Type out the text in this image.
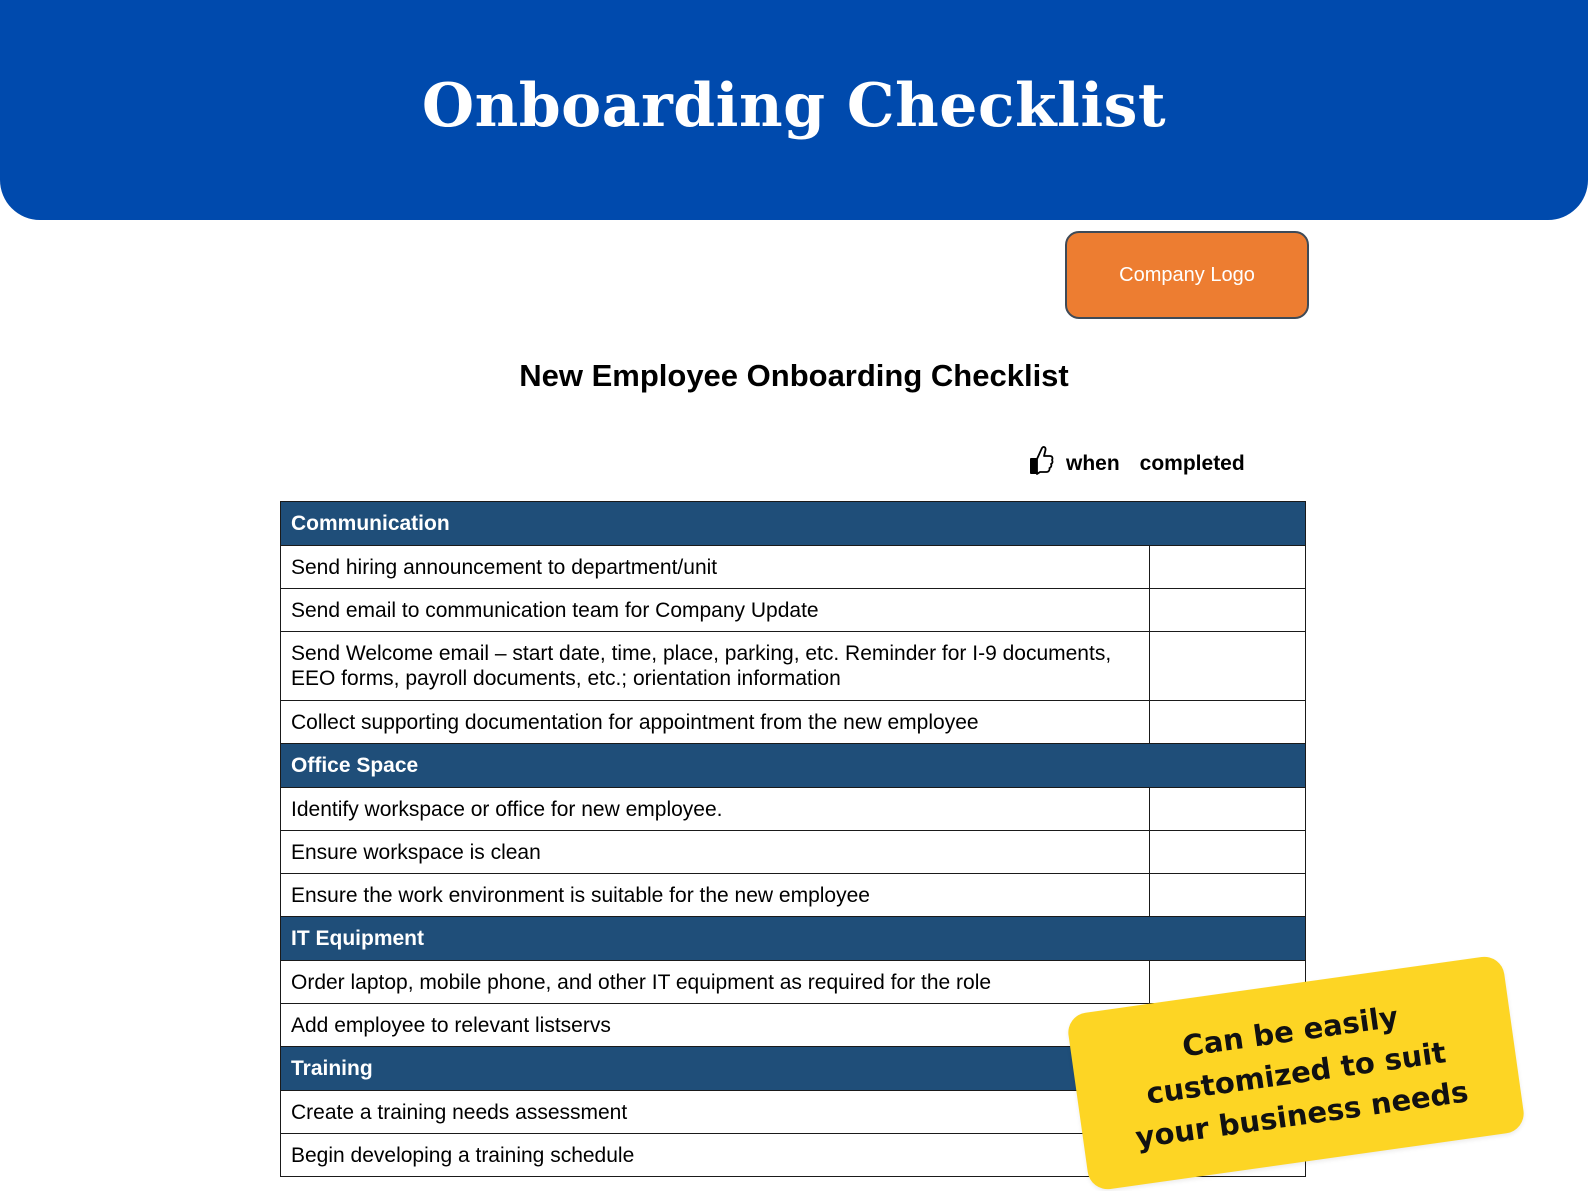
Onboarding Checklist
Company Logo
New Employee Onboarding Checklist
when completed
Communication	
Send hiring announcement to department/unit	
Send email to communication team for Company Update	
Send Welcome email – start date, time, place, parking, etc. Reminder for I-9 documents, EEO forms, payroll documents, etc.; orientation information	
Collect supporting documentation for appointment from the new employee	
Office Space	
Identify workspace or office for new employee.	
Ensure workspace is clean	
Ensure the work environment is suitable for the new employee	
IT Equipment	
Order laptop, mobile phone, and other IT equipment as required for the role	
Add employee to relevant listservs	
Training	
Create a training needs assessment	
Begin developing a training schedule	
Can be easily customized to suit your business needs
